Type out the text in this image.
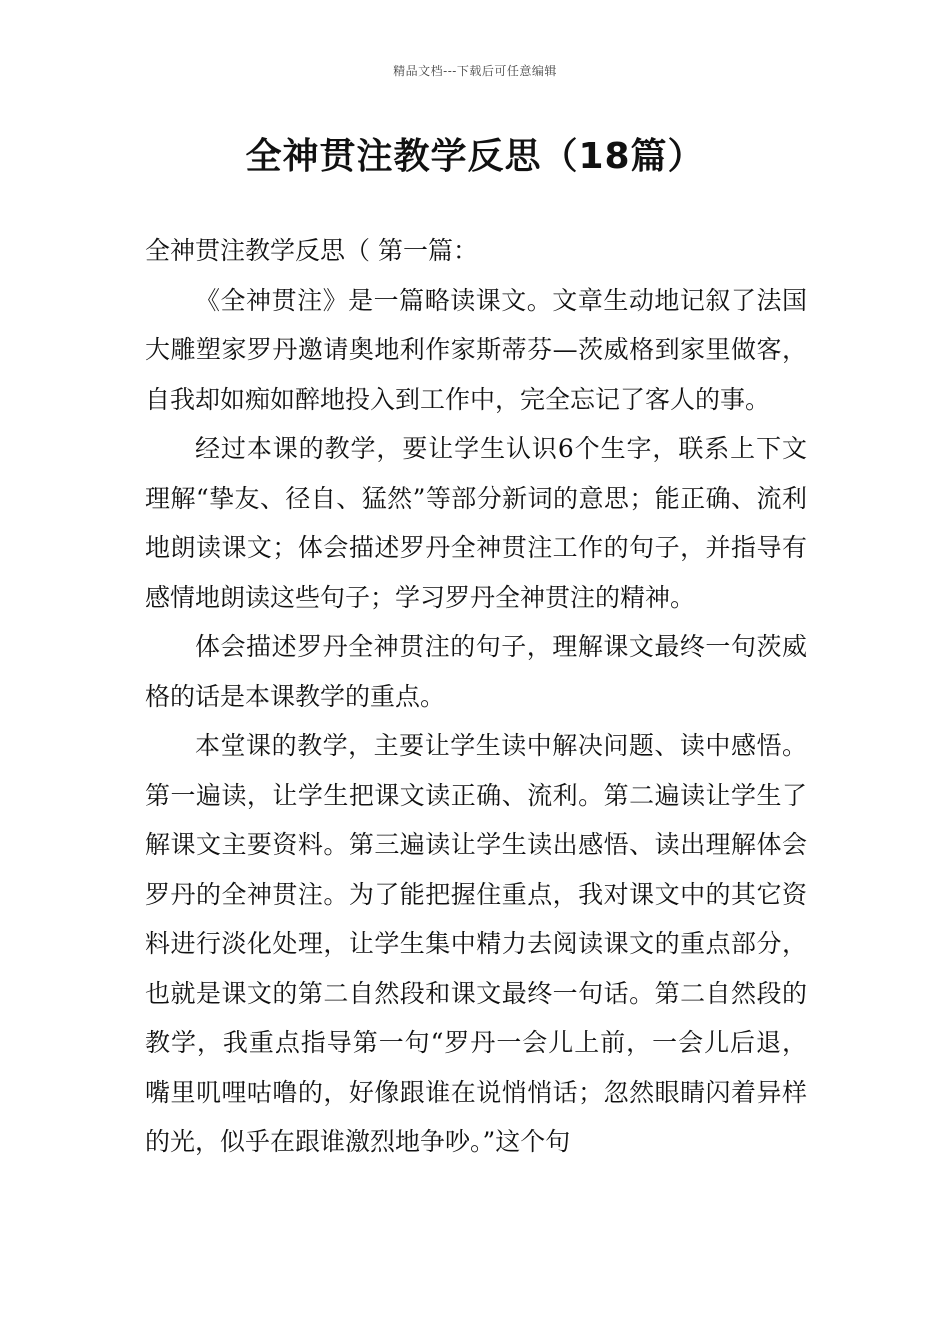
精品文档---下载后可任意编辑
全神贯注教学反思（18篇）

全神贯注教学反思（ 第一篇：

《全神贯注》是一篇略读课文。文章生动地记叙了法国大雕塑家罗丹邀请奥地利作家斯蒂芬—茨威格到家里做客，自我却如痴如醉地投入到工作中，完全忘记了客人的事。

经过本课的教学，要让学生认识6个生字，联系上下文理解“挚友、径自、猛然”等部分新词的意思；能正确、流利地朗读课文；体会描述罗丹全神贯注工作的句子，并指导有感情地朗读这些句子；学习罗丹全神贯注的精神。

体会描述罗丹全神贯注的句子，理解课文最终一句茨威格的话是本课教学的重点。

本堂课的教学，主要让学生读中解决问题、读中感悟。第一遍读，让学生把课文读正确、流利。第二遍读让学生了解课文主要资料。第三遍读让学生读出感悟、读出理解体会罗丹的全神贯注。为了能把握住重点，我对课文中的其它资料进行淡化处理，让学生集中精力去阅读课文的重点部分，也就是课文的第二自然段和课文最终一句话。第二自然段的教学，我重点指导第一句“罗丹一会儿上前，一会儿后退，嘴里叽哩咕噜的，好像跟谁在说悄悄话；忽然眼睛闪着异样的光，似乎在跟谁激烈地争吵。”这个句
